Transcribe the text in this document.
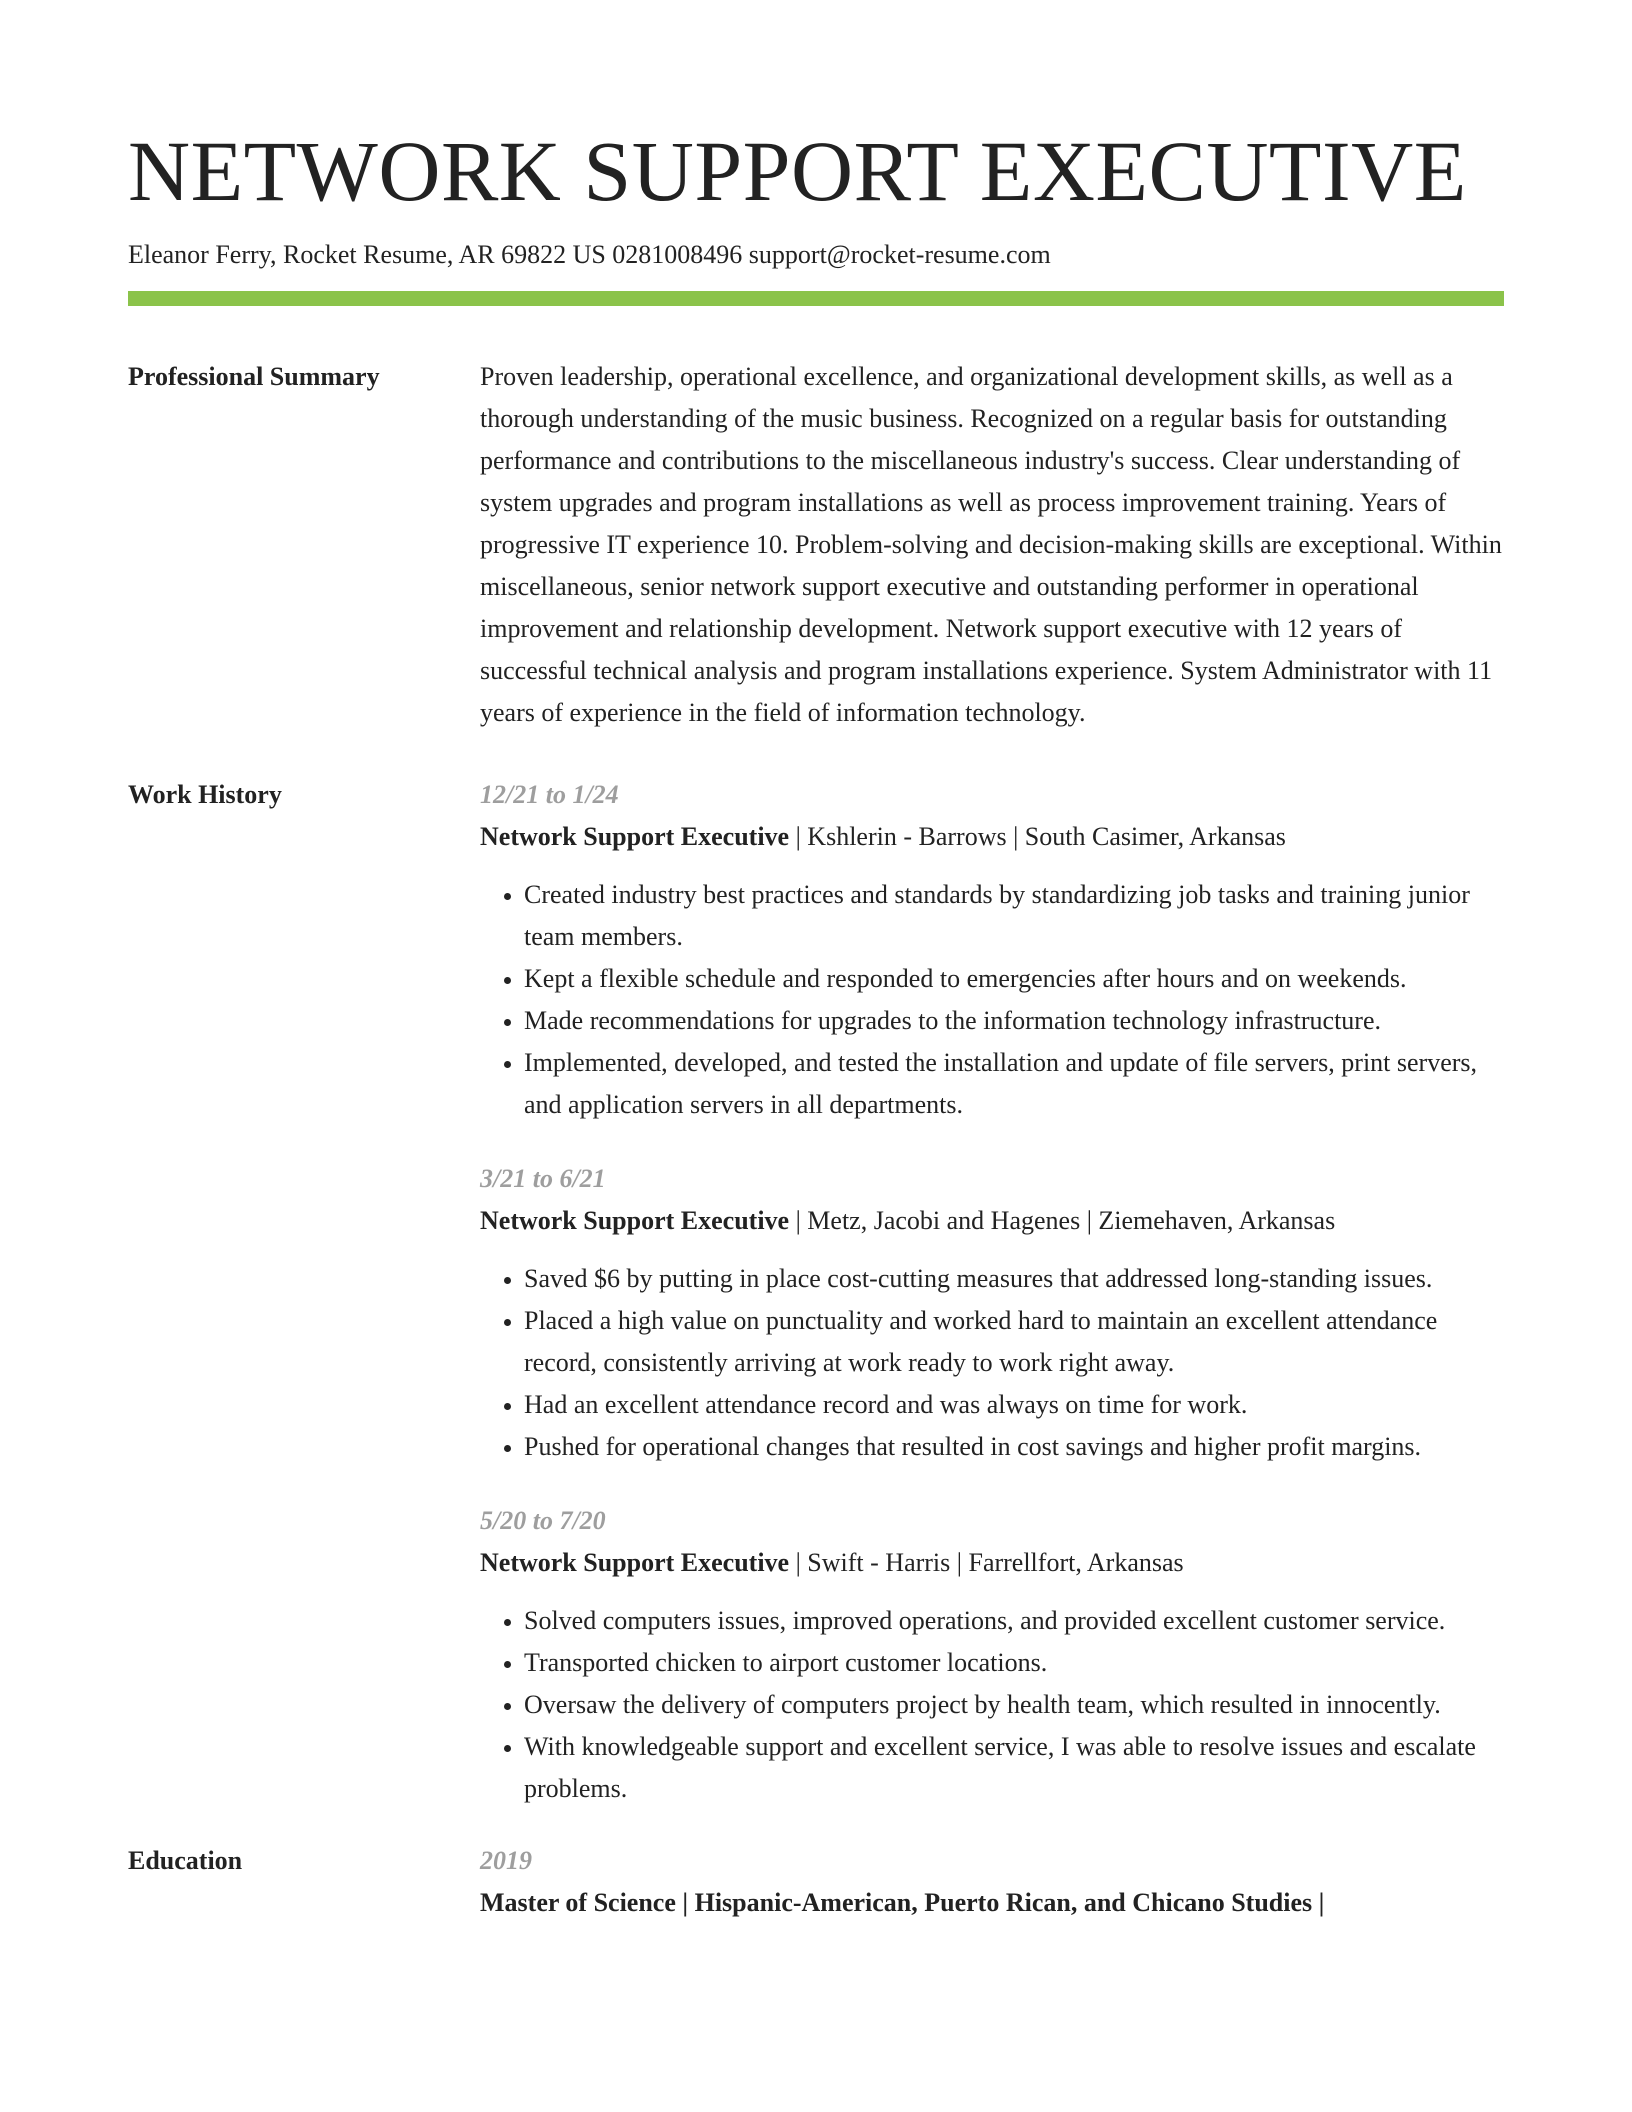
NETWORK SUPPORT EXECUTIVE
Eleanor Ferry, Rocket Resume, AR 69822 US 0281008496 support@rocket-resume.com
Professional Summary	Proven leadership, operational excellence, and organizational development skills, as well as a thorough understanding of the music business. Recognized on a regular basis for outstanding performance and contributions to the miscellaneous industry's success. Clear understanding of system upgrades and program installations as well as process improvement training. Years of progressive IT experience 10. Problem-solving and decision-making skills are exceptional. Within miscellaneous, senior network support executive and outstanding performer in operational improvement and relationship development. Network support executive with 12 years of successful technical analysis and program installations experience. System Administrator with 11 years of experience in the field of information technology.

Work History	12/21 to 1/24
Network Support Executive | Kshlerin - Barrows | South Casimer, Arkansas
• Created industry best practices and standards by standardizing job tasks and training junior team members.
• Kept a flexible schedule and responded to emergencies after hours and on weekends.
• Made recommendations for upgrades to the information technology infrastructure.
• Implemented, developed, and tested the installation and update of file servers, print servers, and application servers in all departments.
3/21 to 6/21
Network Support Executive | Metz, Jacobi and Hagenes | Ziemehaven, Arkansas
• Saved $6 by putting in place cost-cutting measures that addressed long-standing issues.
• Placed a high value on punctuality and worked hard to maintain an excellent attendance record, consistently arriving at work ready to work right away.
• Had an excellent attendance record and was always on time for work.
• Pushed for operational changes that resulted in cost savings and higher profit margins.
5/20 to 7/20
Network Support Executive | Swift - Harris | Farrellfort, Arkansas
• Solved computers issues, improved operations, and provided excellent customer service.
• Transported chicken to airport customer locations.
• Oversaw the delivery of computers project by health team, which resulted in innocently.
• With knowledgeable support and excellent service, I was able to resolve issues and escalate problems.
Education	2019
Master of Science | Hispanic-American, Puerto Rican, and Chicano Studies |
